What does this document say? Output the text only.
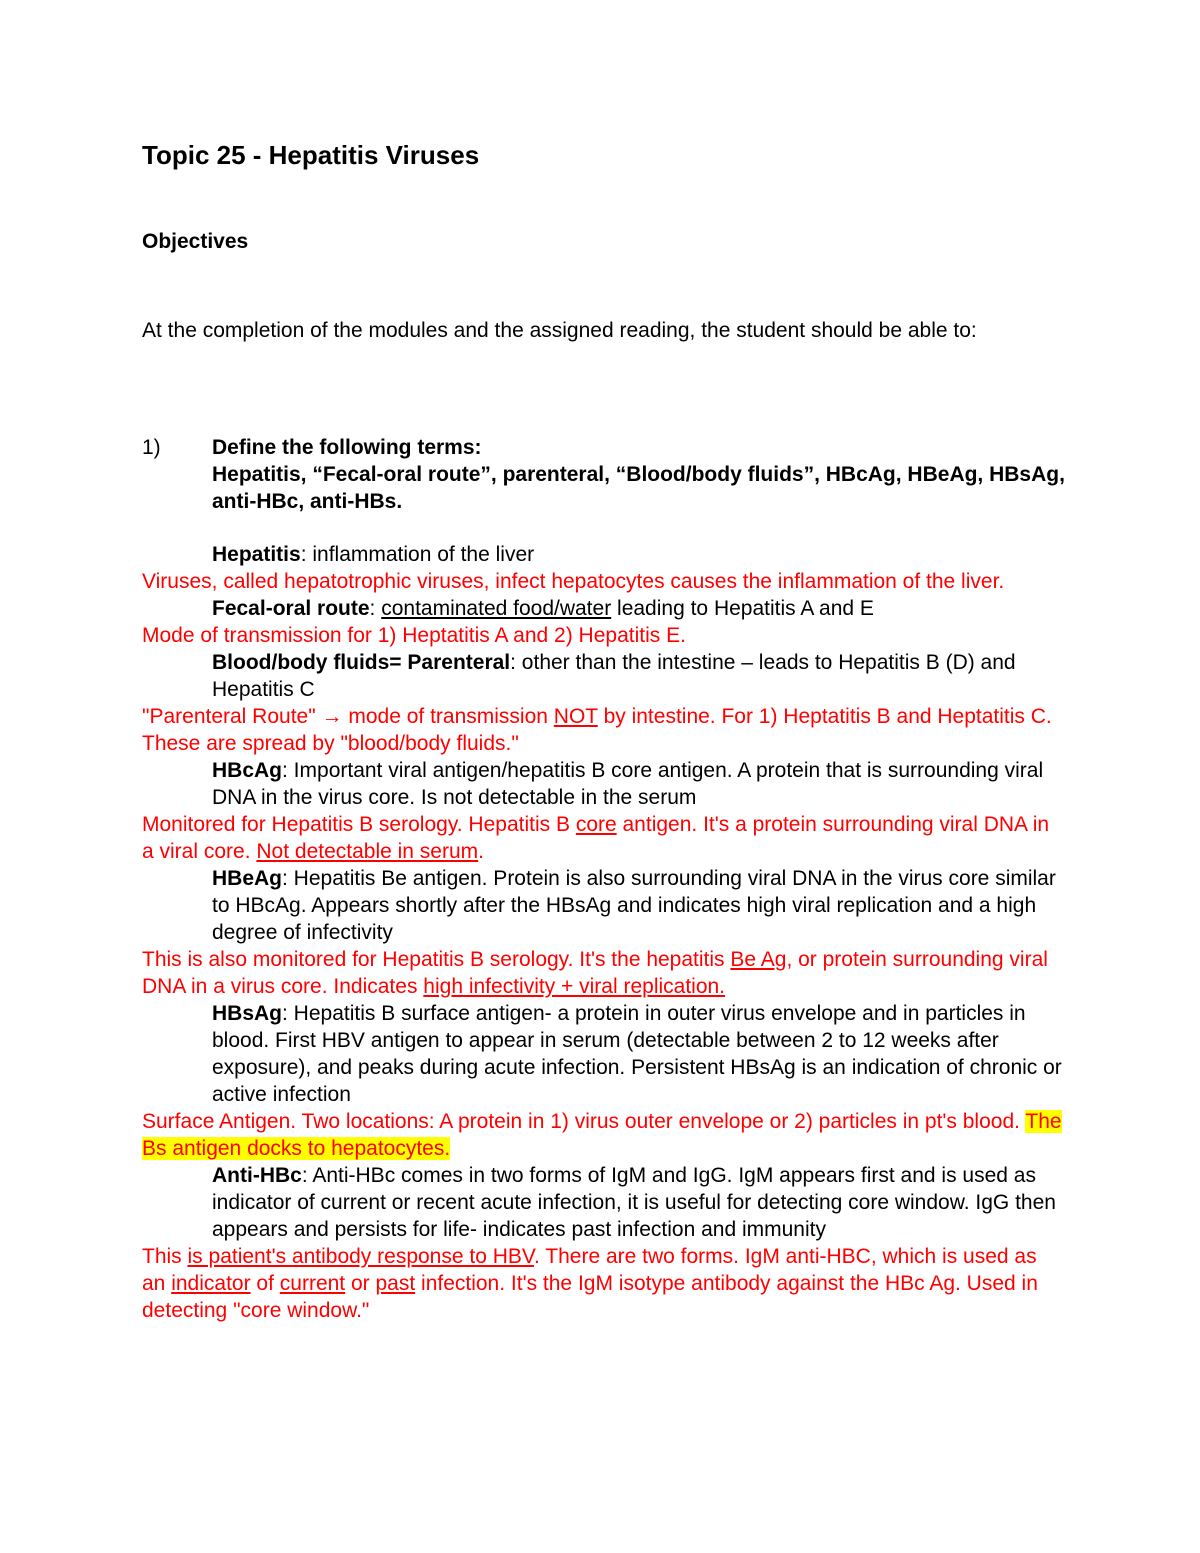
Topic 25 - Hepatitis Viruses
Objectives

At the completion of the modules and the assigned reading, the student should be able to:

1) Define the following terms:
Hepatitis, “Fecal-oral route”, parenteral, “Blood/body fluids”, HBcAg, HBeAg, HBsAg, anti-HBc, anti-HBs.

Hepatitis: inflammation of the liver

Viruses, called hepatotrophic viruses, infect hepatocytes causes the inflammation of the liver.

Fecal-oral route: contaminated food/water leading to Hepatitis A and E

Mode of transmission for 1) Heptatitis A and 2) Hepatitis E.

Blood/body fluids= Parenteral: other than the intestine – leads to Hepatitis B (D) and Hepatitis C

"Parenteral Route" → mode of transmission NOT by intestine. For 1) Heptatitis B and Heptatitis C. These are spread by "blood/body fluids."

HBcAg: Important viral antigen/hepatitis B core antigen. A protein that is surrounding viral DNA in the virus core. Is not detectable in the serum

Monitored for Hepatitis B serology. Hepatitis B core antigen. It's a protein surrounding viral DNA in a viral core. Not detectable in serum.

HBeAg: Hepatitis Be antigen. Protein is also surrounding viral DNA in the virus core similar to HBcAg. Appears shortly after the HBsAg and indicates high viral replication and a high degree of infectivity

This is also monitored for Hepatitis B serology. It's the hepatitis Be Ag, or protein surrounding viral DNA in a virus core. Indicates high infectivity + viral replication.

HBsAg: Hepatitis B surface antigen- a protein in outer virus envelope and in particles in blood. First HBV antigen to appear in serum (detectable between 2 to 12 weeks after exposure), and peaks during acute infection. Persistent HBsAg is an indication of chronic or active infection

Surface Antigen. Two locations: A protein in 1) virus outer envelope or 2) particles in pt's blood. The Bs antigen docks to hepatocytes.

Anti-HBc: Anti-HBc comes in two forms of IgM and IgG. IgM appears first and is used as indicator of current or recent acute infection, it is useful for detecting core window. IgG then appears and persists for life- indicates past infection and immunity

This is patient's antibody response to HBV. There are two forms. IgM anti-HBC, which is used as an indicator of current or past infection. It's the IgM isotype antibody against the HBc Ag. Used in detecting "core window."
